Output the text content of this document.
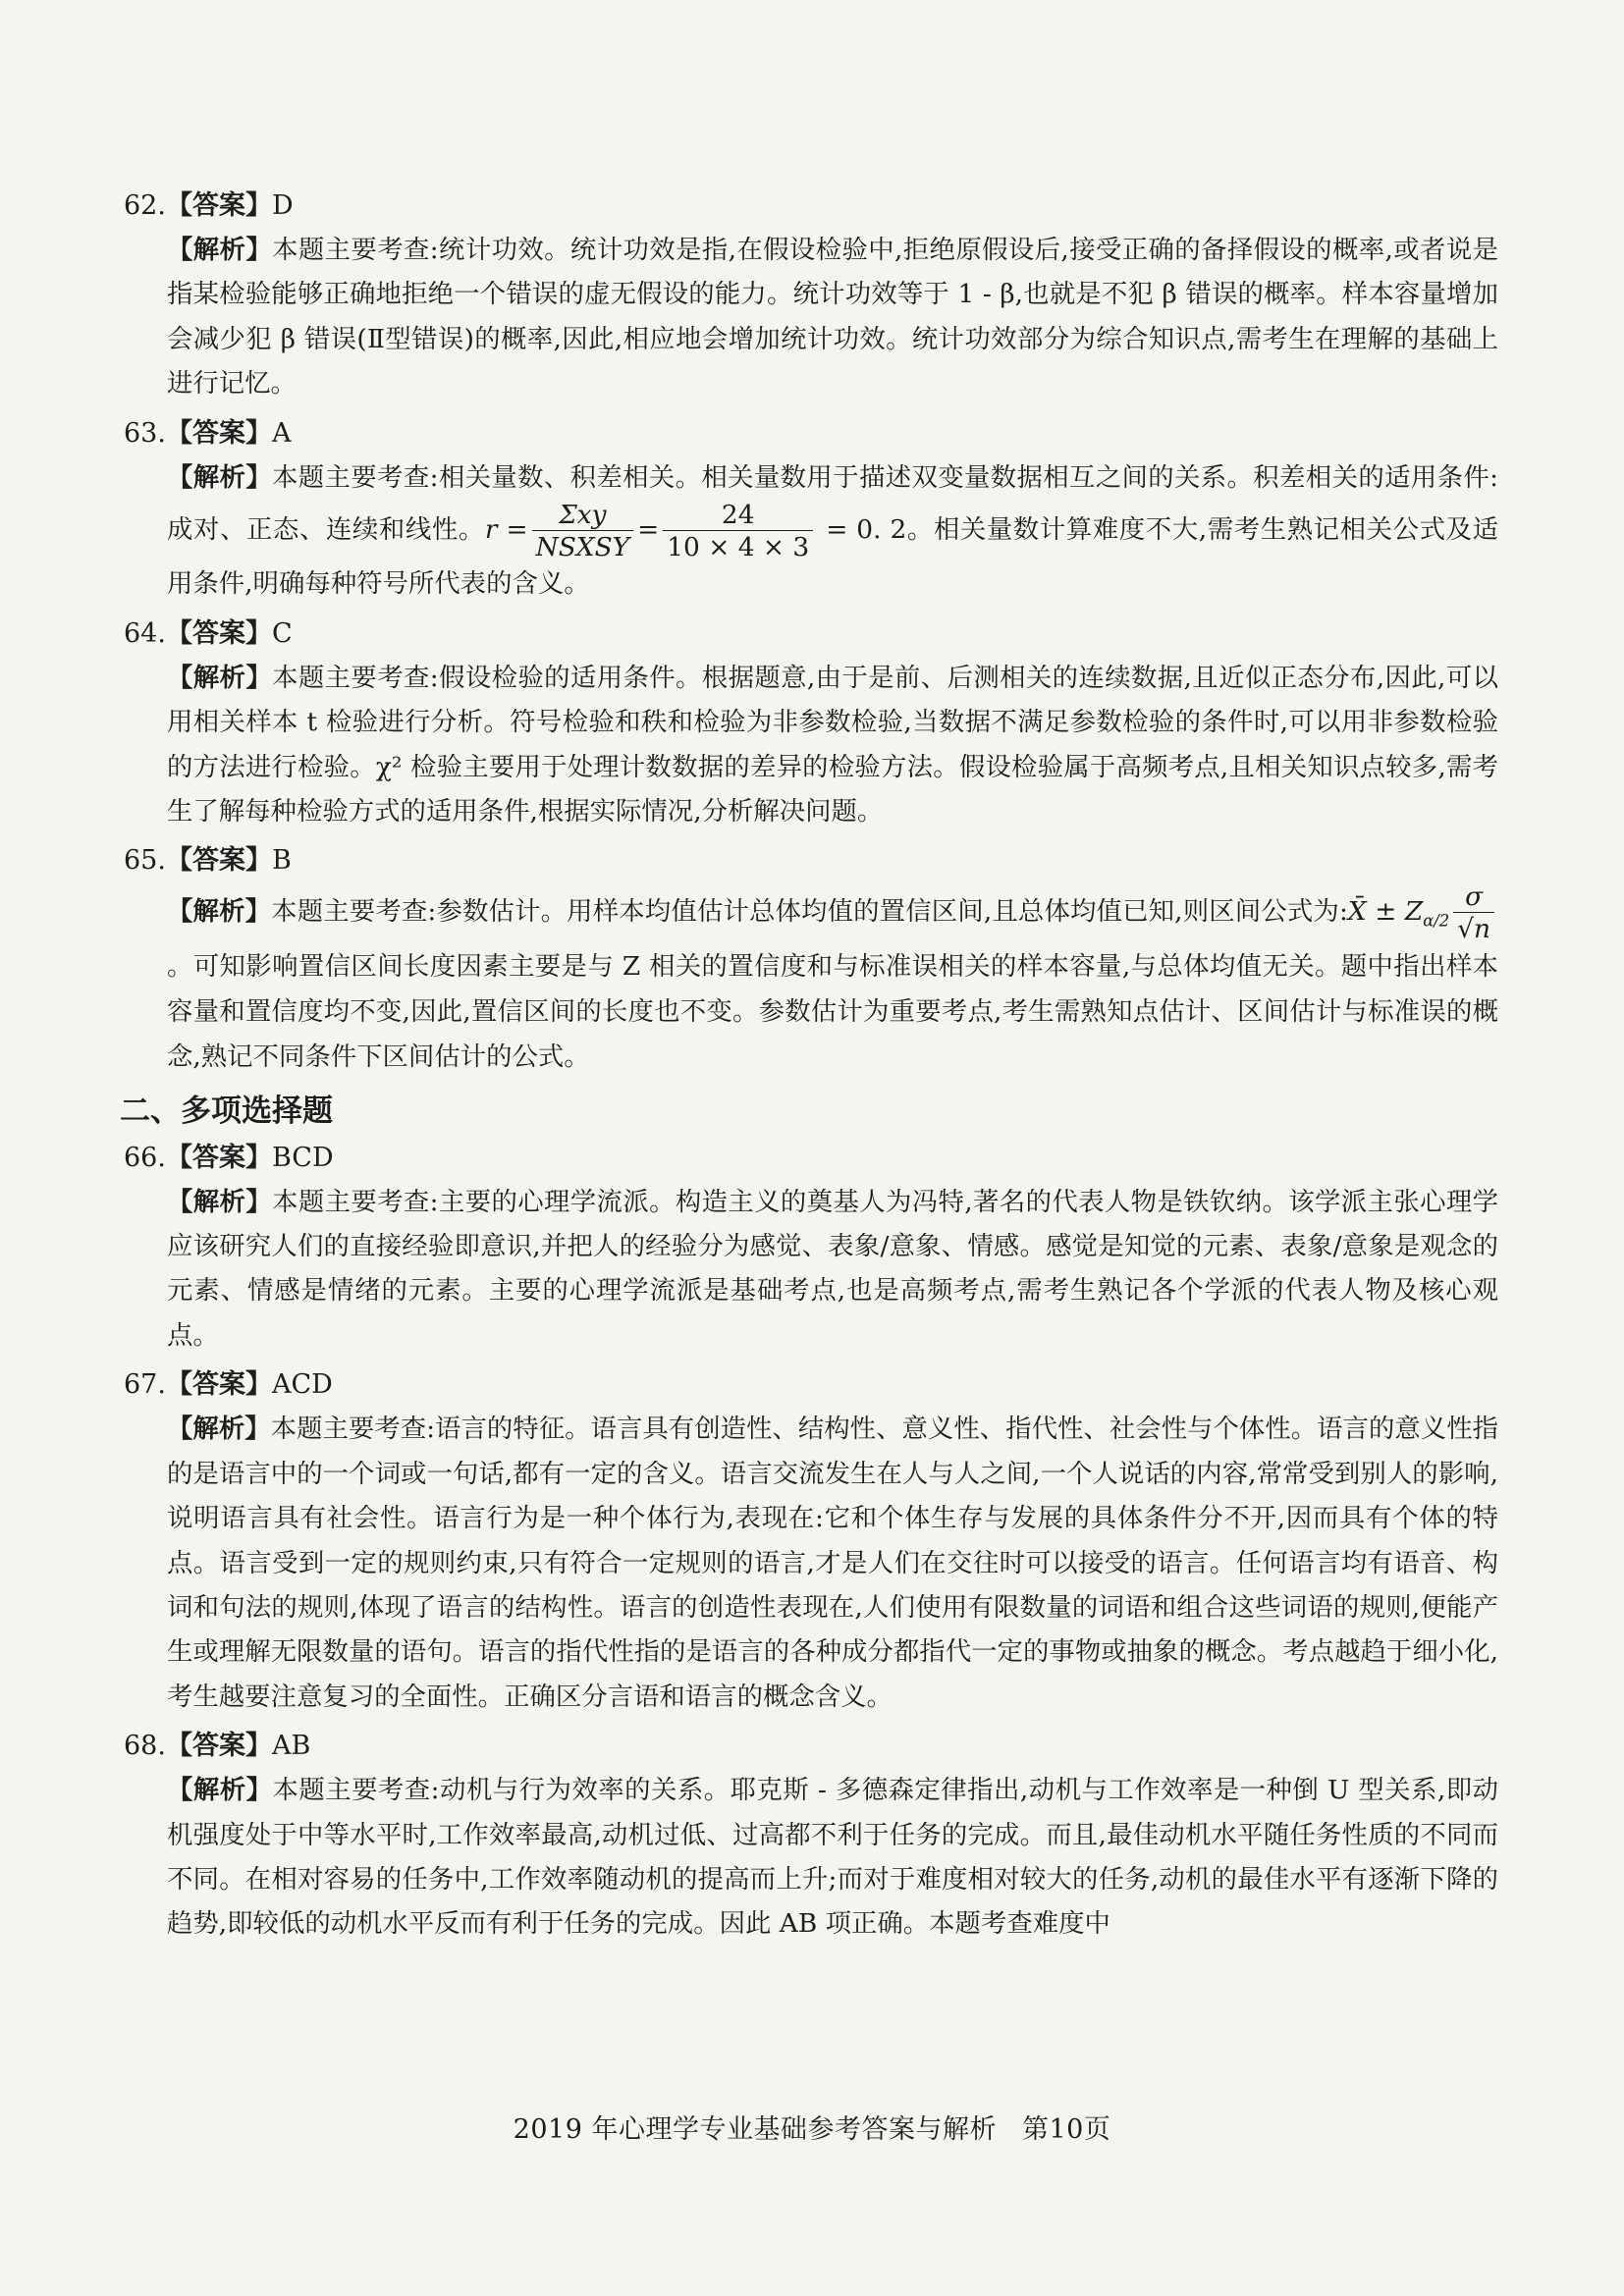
62.【答案】D

【解析】本题主要考查:统计功效。统计功效是指,在假设检验中,拒绝原假设后,接受正确的备择假设的概率,或者说是指某检验能够正确地拒绝一个错误的虚无假设的能力。统计功效等于 1 - β,也就是不犯 β 错误的概率。样本容量增加会减少犯 β 错误(Ⅱ型错误)的概率,因此,相应地会增加统计功效。统计功效部分为综合知识点,需考生在理解的基础上进行记忆。

63.【答案】A

【解析】本题主要考查:相关量数、积差相关。相关量数用于描述双变量数据相互之间的关系。积差相关的适用条件:成对、正态、连续和线性。$r = \frac{\text{Σxy}}{\text{NSXSY}} = \frac{24}{10 \times 4 \times 3} = 0$. 2。相关量数计算难度不大,需考生熟记相关公式及适用条件,明确每种符号所代表的含义。

64.【答案】C

【解析】本题主要考查:假设检验的适用条件。根据题意,由于是前、后测相关的连续数据,且近似正态分布,因此,可以用相关样本 t 检验进行分析。符号检验和秩和检验为非参数检验,当数据不满足参数检验的条件时,可以用非参数检验的方法进行检验。χ² 检验主要用于处理计数数据的差异的检验方法。假设检验属于高频考点,且相关知识点较多,需考生了解每种检验方式的适用条件,根据实际情况,分析解决问题。

65.【答案】B

【解析】本题主要考查:参数估计。用样本均值估计总体均值的置信区间,且总体均值已知,则区间公式为:X̄ ± $Z_{\alpha/2} \frac{\sigma}{√n}$
。可知影响置信区间长度因素主要是与 Z 相关的置信度和与标准误相关的样本容量,与总体均值无关。题中指出样本容量和置信度均不变,因此,置信区间的长度也不变。参数估计为重要考点,考生需熟知点估计、区间估计与标准误的概念,熟记不同条件下区间估计的公式。

二、多项选择题

66.【答案】BCD

【解析】本题主要考查:主要的心理学流派。构造主义的奠基人为冯特,著名的代表人物是铁钦纳。该学派主张心理学应该研究人们的直接经验即意识,并把人的经验分为感觉、表象/意象、情感。感觉是知觉的元素、表象/意象是观念的元素、情感是情绪的元素。主要的心理学流派是基础考点,也是高频考点,需考生熟记各个学派的代表人物及核心观点。

67.【答案】ACD

【解析】本题主要考查:语言的特征。语言具有创造性、结构性、意义性、指代性、社会性与个体性。语言的意义性指的是语言中的一个词或一句话,都有一定的含义。语言交流发生在人与人之间,一个人说话的内容,常常受到别人的影响,说明语言具有社会性。语言行为是一种个体行为,表现在:它和个体生存与发展的具体条件分不开,因而具有个体的特点。语言受到一定的规则约束,只有符合一定规则的语言,才是人们在交往时可以接受的语言。任何语言均有语音、构词和句法的规则,体现了语言的结构性。语言的创造性表现在,人们使用有限数量的词语和组合这些词语的规则,便能产生或理解无限数量的语句。语言的指代性指的是语言的各种成分都指代一定的事物或抽象的概念。考点越趋于细小化,考生越要注意复习的全面性。正确区分言语和语言的概念含义。

68.【答案】AB

【解析】本题主要考查:动机与行为效率的关系。耶克斯 - 多德森定律指出,动机与工作效率是一种倒 U 型关系,即动机强度处于中等水平时,工作效率最高,动机过低、过高都不利于任务的完成。而且,最佳动机水平随任务性质的不同而不同。在相对容易的任务中,工作效率随动机的提高而上升;而对于难度相对较大的任务,动机的最佳水平有逐渐下降的趋势,即较低的动机水平反而有利于任务的完成。因此 AB 项正确。本题考查难度中

2019 年心理学专业基础参考答案与解析 第10页
